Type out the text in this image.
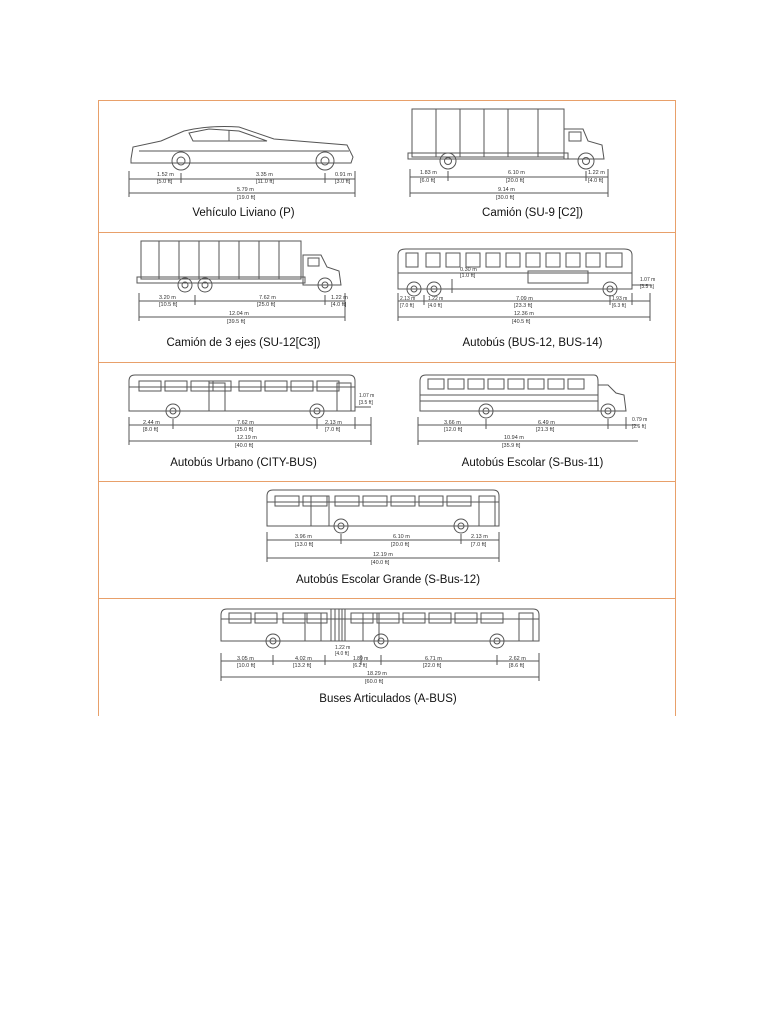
1.52 m
[5.0 ft]
3.35 m
[11.0 ft]
0.91 m
[3.0 ft]
5.79 m
[19.0 ft]
Vehículo Liviano (P)
1.83 m
[6.0 ft]
6.10 m
[20.0 ft]
1.22 m
[4.0 ft]
9.14 m
[30.0 ft]
Camión (SU-9 [C2])
3.20 m
[10.5 ft]
7.62 m
[25.0 ft]
1.22 m
[4.0 ft]
12.04 m
[39.5 ft]
Camión de 3 ejes (SU-12[C3])
0.30 m
[1.0 ft]
2.13 m
[7.0 ft]
1.22 m
[4.0 ft]
7.09 m
[23.3 ft]
1.93 m
[6.3 ft]
1.07 m
[3.5 ft]
12.36 m
[40.5 ft]
Autobús (BUS-12, BUS-14)
2.44 m
[8.0 ft]
7.62 m
[25.0 ft]
2.13 m
[7.0 ft]
1.07 m
[3.5 ft]
12.19 m
[40.0 ft]
Autobús Urbano (CITY-BUS)
3.66 m
[12.0 ft]
6.49 m
[21.3 ft]
0.79 m
[2.6 ft]
10.94 m
[35.9 ft]
Autobús Escolar (S-Bus-11)
3.96 m
[13.0 ft]
6.10 m
[20.0 ft]
2.13 m
[7.0 ft]
12.19 m
[40.0 ft]
Autobús Escolar Grande (S-Bus-12)
3.05 m
[10.0 ft]
4.02 m
[13.2 ft]
1.22 m
[4.0 ft]
1.89 m
[6.2 ft]
6.71 m
[22.0 ft]
2.62 m
[8.6 ft]
18.29 m
[60.0 ft]
Buses Articulados (A-BUS)
